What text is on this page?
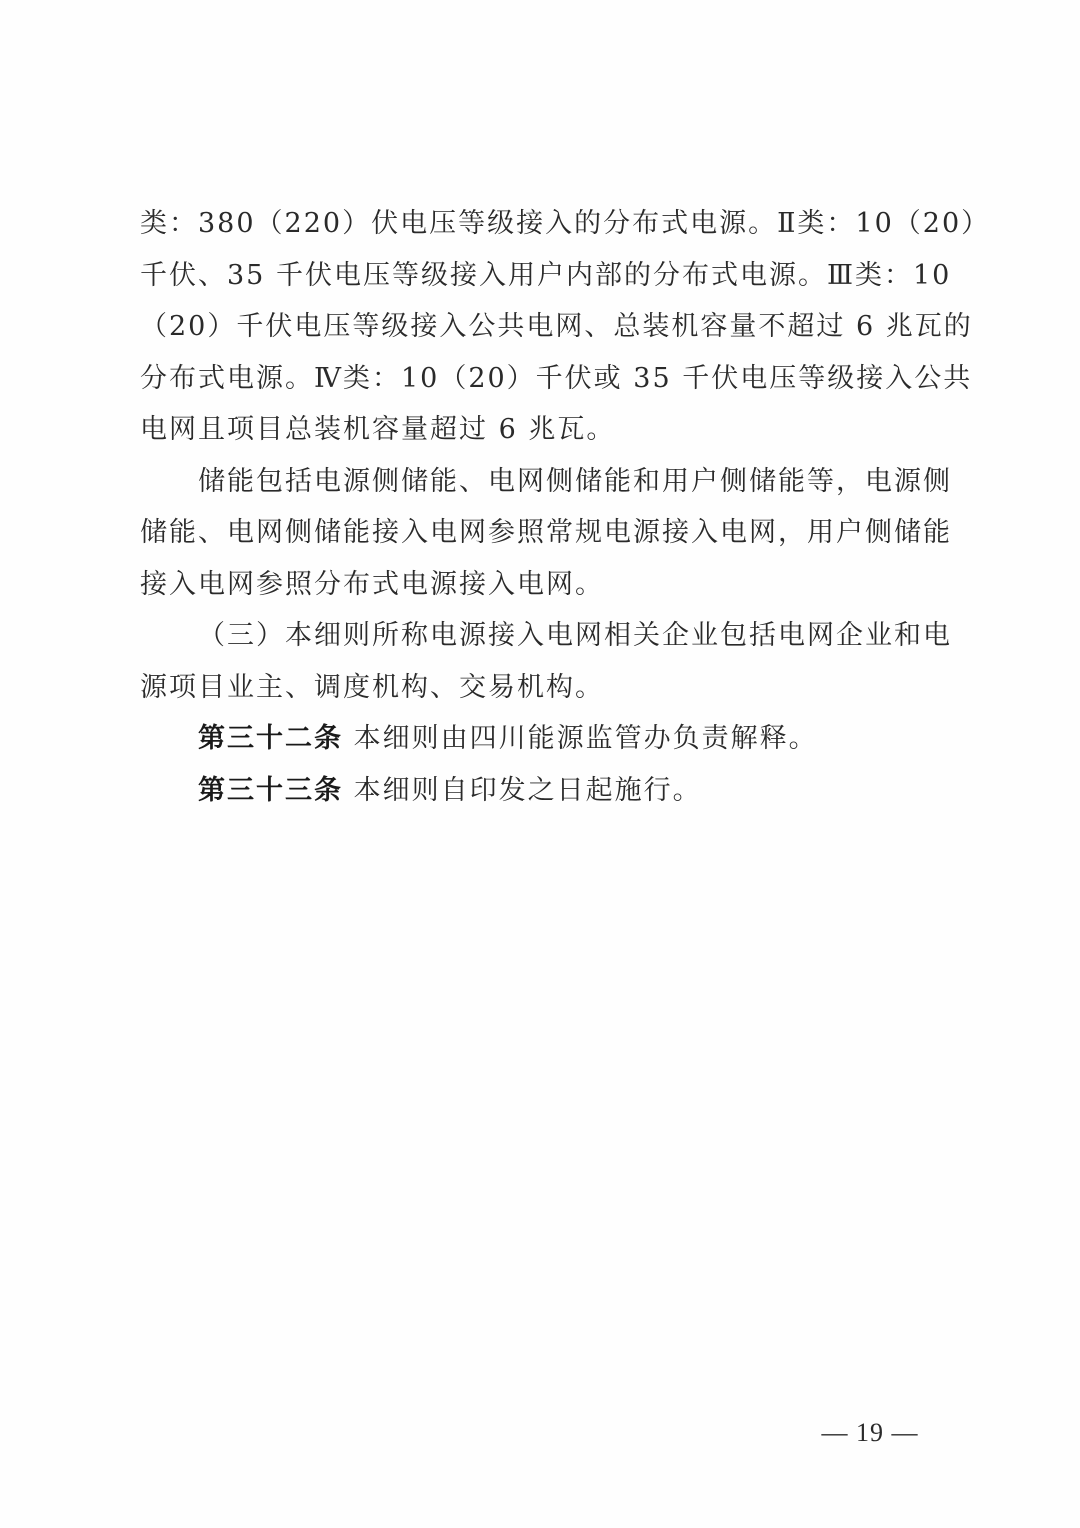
类：380（220）伏电压等级接入的分布式电源。Ⅱ类：10（20）
千伏、35 千伏电压等级接入用户内部的分布式电源。Ⅲ类：10
（20）千伏电压等级接入公共电网、总装机容量不超过 6 兆瓦的
分布式电源。Ⅳ类：10（20）千伏或 35 千伏电压等级接入公共
电网且项目总装机容量超过 6 兆瓦。
储能包括电源侧储能、电网侧储能和用户侧储能等，电源侧
储能、电网侧储能接入电网参照常规电源接入电网，用户侧储能
接入电网参照分布式电源接入电网。
（三）本细则所称电源接入电网相关企业包括电网企业和电
源项目业主、调度机构、交易机构。
第三十二条 本细则由四川能源监管办负责解释。
第三十三条 本细则自印发之日起施行。
— 19 —
